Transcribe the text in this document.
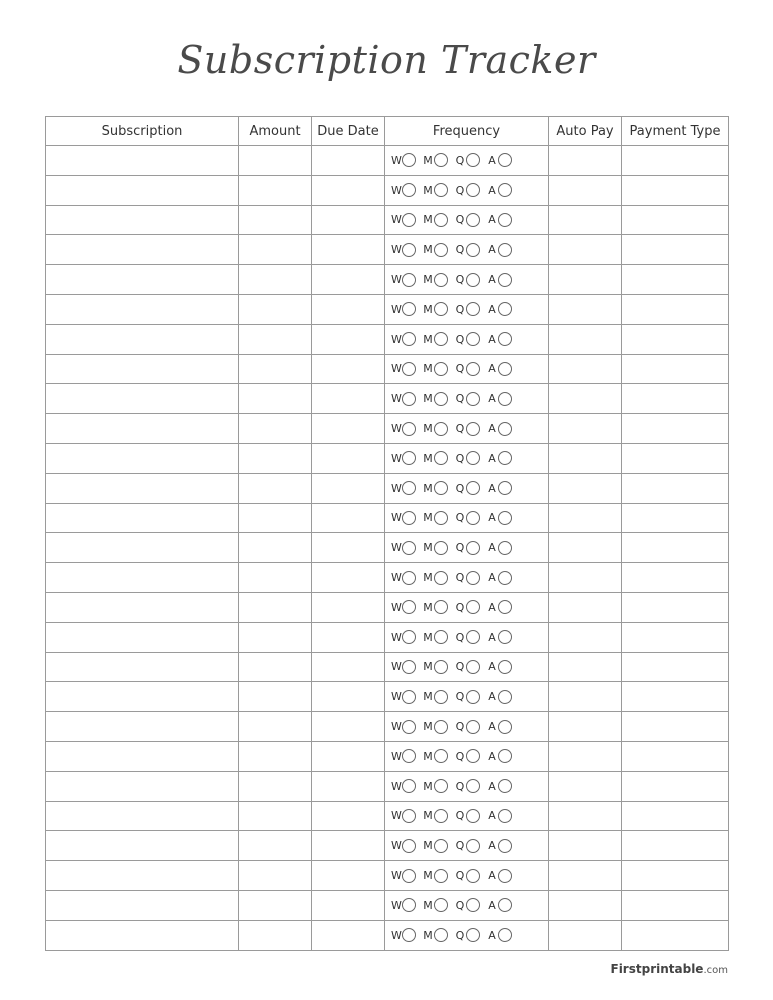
Subscription Tracker
Subscription	Amount	Due Date	Frequency	Auto Pay	Payment Type

			W M Q A		

			W M Q A		

			W M Q A		

			W M Q A		

			W M Q A		

			W M Q A		

			W M Q A		

			W M Q A		

			W M Q A		

			W M Q A		

			W M Q A		

			W M Q A		

			W M Q A		

			W M Q A		

			W M Q A		

			W M Q A		

			W M Q A		

			W M Q A		

			W M Q A		

			W M Q A		

			W M Q A		

			W M Q A		

			W M Q A		

			W M Q A		

			W M Q A		

			W M Q A		

			W M Q A		

Firstprintable.com
